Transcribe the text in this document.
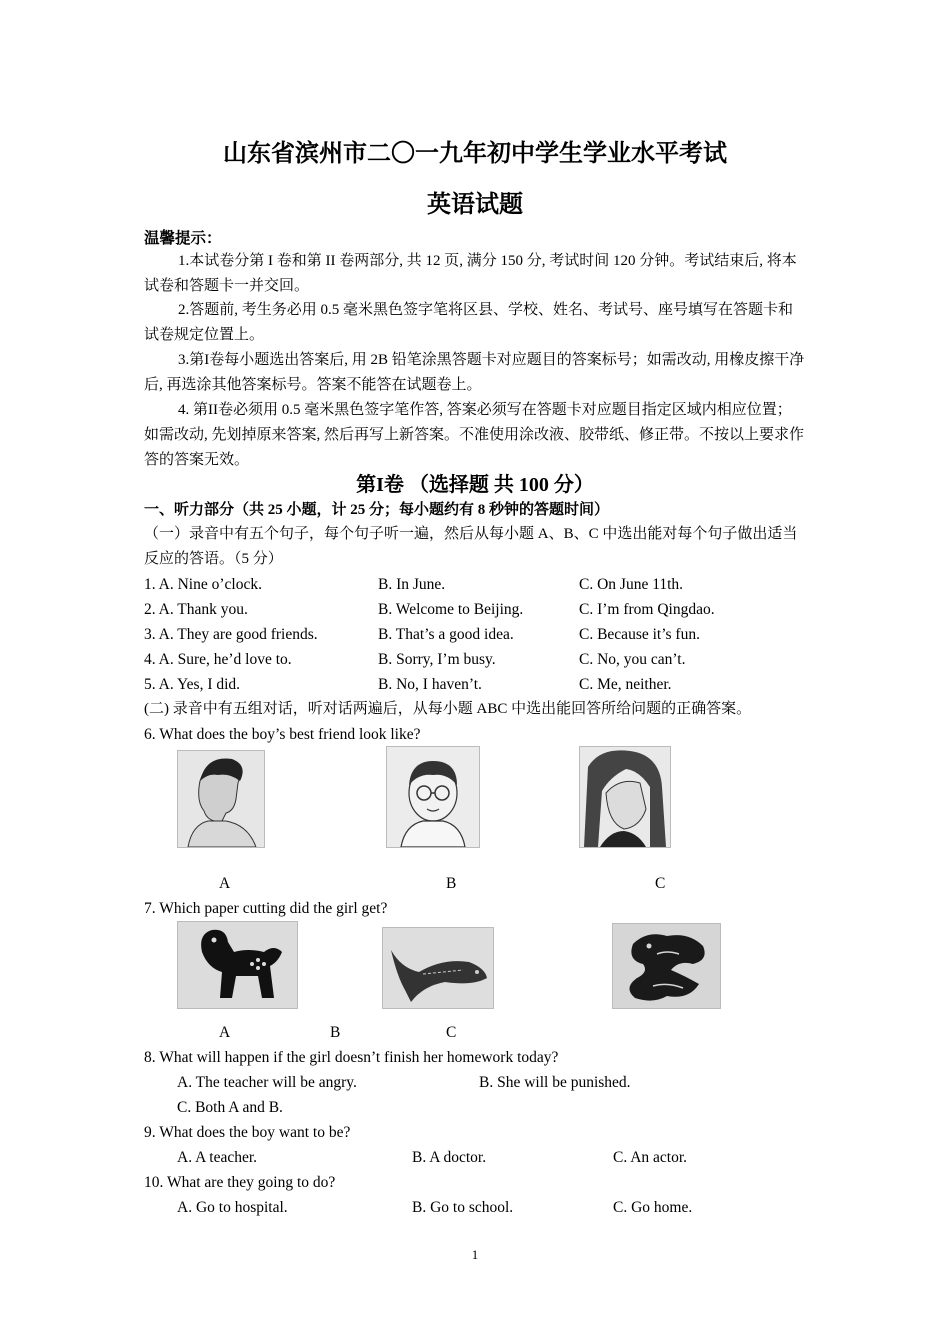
山东省滨州市二〇一九年初中学生学业水平考试
英语试题
温馨提示：
1.本试卷分第 I 卷和第 II 卷两部分, 共 12 页, 满分 150 分, 考试时间 120 分钟。考试结束后, 将本试卷和答题卡一并交回。
2.答题前, 考生务必用 0.5 毫米黑色签字笔将区县、学校、姓名、考试号、座号填写在答题卡和试卷规定位置上。
3.第I卷每小题选出答案后, 用 2B 铅笔涂黑答题卡对应题目的答案标号；如需改动, 用橡皮擦干净后, 再选涂其他答案标号。答案不能答在试题卷上。
4. 第II卷必须用 0.5 毫米黑色签字笔作答, 答案必须写在答题卡对应题目指定区域内相应位置；如需改动, 先划掉原来答案, 然后再写上新答案。不准使用涂改液、胶带纸、修正带。不按以上要求作答的答案无效。
第I卷 （选择题 共 100 分）
一、听力部分（共 25 小题，计 25 分；每小题约有 8 秒钟的答题时间）
（一）录音中有五个句子，每个句子听一遍，然后从每小题 A、B、C 中选出能对每个句子做出适当反应的答语。（5 分）
1. A. Nine o’clock.	B. In June.	C. On June 11th.
2. A. Thank you.	B. Welcome to Beijing.	C. I’m from Qingdao.
3. A. They are good friends.	B. That’s a good idea.	C. Because it’s fun.
4. A. Sure, he’d love to.	B. Sorry, I’m busy.	C. No, you can’t.
5. A. Yes, I did.	B. No, I haven’t.	C. Me, neither.
(二) 录音中有五组对话，听对话两遍后，从每小题 ABC 中选出能回答所给问题的正确答案。
6. What does the boy’s best friend look like?
A	B	C
7. Which paper cutting did the girl get?
A	B	C
8. What will happen if the girl doesn’t finish her homework today?
A. The teacher will be angry.	B. She will be punished.
C. Both A and B.
9. What does the boy want to be?
A. A teacher.	B. A doctor.	C. An actor.
10. What are they going to do?
A. Go to hospital.	B. Go to school.	C. Go home.
1
